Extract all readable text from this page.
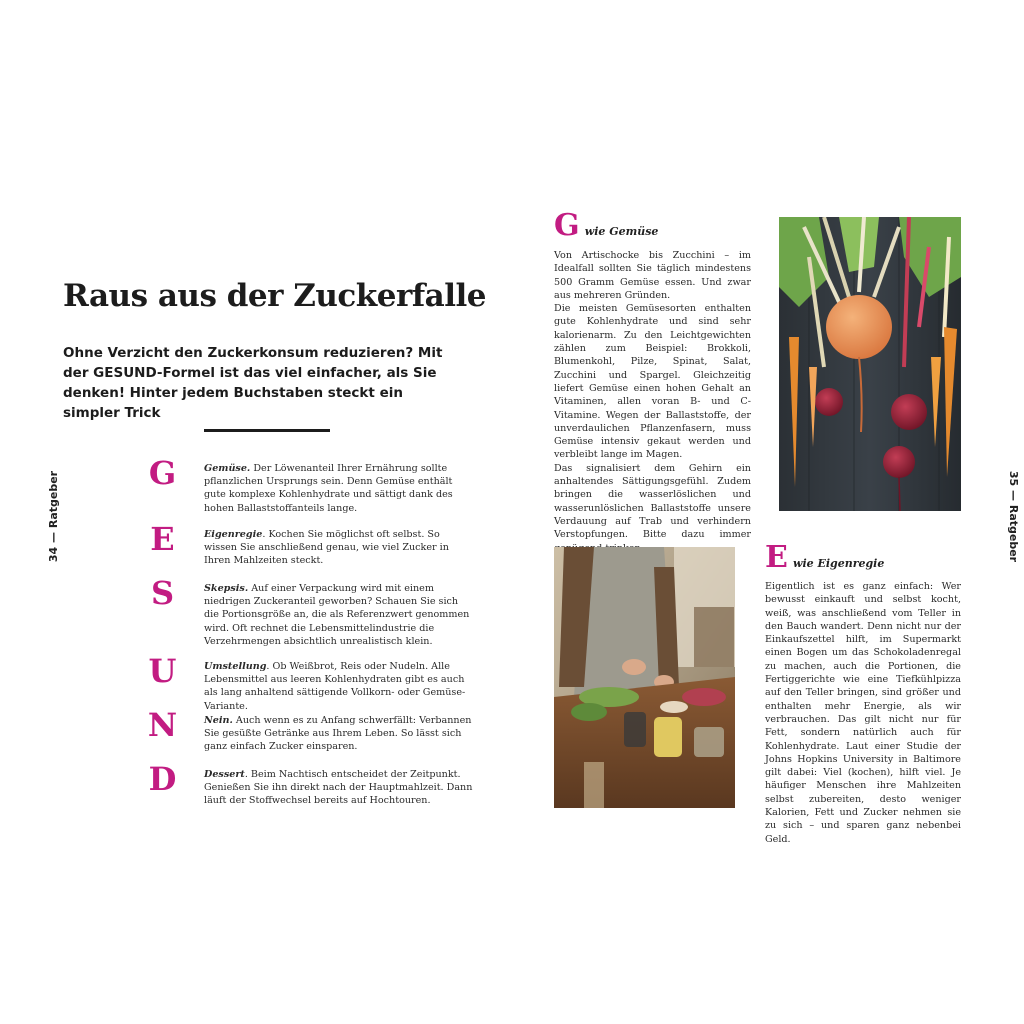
34 — Ratgeber	35 — Ratgeber
Raus aus der Zuckerfalle

Ohne Verzicht den Zuckerkonsum reduzieren? Mit der GESUND-Formel ist das viel einfacher, als Sie denken! Hinter jedem Buchstaben steckt ein simpler Trick

G	Gemüse. Der Löwenanteil Ihrer Ernährung sollte pflanzlichen Ursprungs sein. Denn Gemüse enthält gute komplexe Kohlenhydrate und sättigt dank des hohen Ballaststoffanteils lange.

E	Eigenregie. Kochen Sie möglichst oft selbst. So wissen Sie anschließend genau, wie viel Zucker in Ihren Mahlzeiten steckt.

S	Skepsis. Auf einer Verpackung wird mit einem niedrigen Zuckeranteil geworben? Schauen Sie sich die Portionsgröße an, die als Referenzwert genommen wird. Oft rechnet die Lebensmittelindustrie die Verzehrmengen absichtlich unrealistisch klein.

U	Umstellung. Ob Weißbrot, Reis oder Nudeln. Alle Lebensmittel aus leeren Kohlenhydraten gibt es auch als lang anhaltend sättigende Vollkorn- oder Gemüse-Variante.

N	Nein. Auch wenn es zu Anfang schwerfällt: Verbannen Sie gesüßte Getränke aus Ihrem Leben. So lässt sich ganz einfach Zucker einsparen.

D	Dessert. Beim Nachtisch entscheidet der Zeitpunkt. Genießen Sie ihn direkt nach der Hauptmahlzeit. Dann läuft der Stoffwechsel bereits auf Hochtouren.

G wie Gemüse

Von Artischocke bis Zucchini – im Idealfall sollten Sie täglich mindestens 500 Gramm Gemüse essen. Und zwar aus mehreren Gründen.

Die meisten Gemüsesorten enthalten gute Kohlenhydrate und sind sehr kalorienarm. Zu den Leichtgewichten zählen zum Beispiel: Brokkoli, Blumenkohl, Pilze, Spinat, Salat, Zucchini und Spargel. Gleichzeitig liefert Gemüse einen hohen Gehalt an Vitaminen, allen voran B- und C-Vitamine. Wegen der Ballaststoffe, der unverdaulichen Pflanzenfasern, muss Gemüse intensiv gekaut werden und verbleibt lange im Magen.

Das signalisiert dem Gehirn ein anhaltendes Sättigungsgefühl. Zudem bringen die wasserlöslichen und wasserunlöslichen Ballaststoffe unsere Verdauung auf Trab und verhindern Verstopfungen. Bitte dazu immer

E wie Eigenregie

Eigentlich ist es ganz einfach: Wer bewusst einkauft und selbst kocht, weiß, was anschließend vom Teller in den Bauch wandert. Denn nicht nur der Einkaufszettel hilft, im Supermarkt einen Bogen um das Schokoladenregal zu machen, auch die Portionen, die Fertiggerichte wie eine Tiefkühlpizza auf den Teller bringen, sind größer und enthalten mehr Energie, als wir verbrauchen. Das gilt nicht nur für Fett, sondern natürlich auch für Kohlenhydrate. Laut einer Studie der Johns Hopkins University in Baltimore gilt dabei: Viel (kochen), hilft viel. Je häufiger Menschen ihre Mahlzeiten selbst zubereiten, desto weniger Kalorien, Fett und Zucker nehmen sie zu sich – und sparen ganz nebenbei Geld.
